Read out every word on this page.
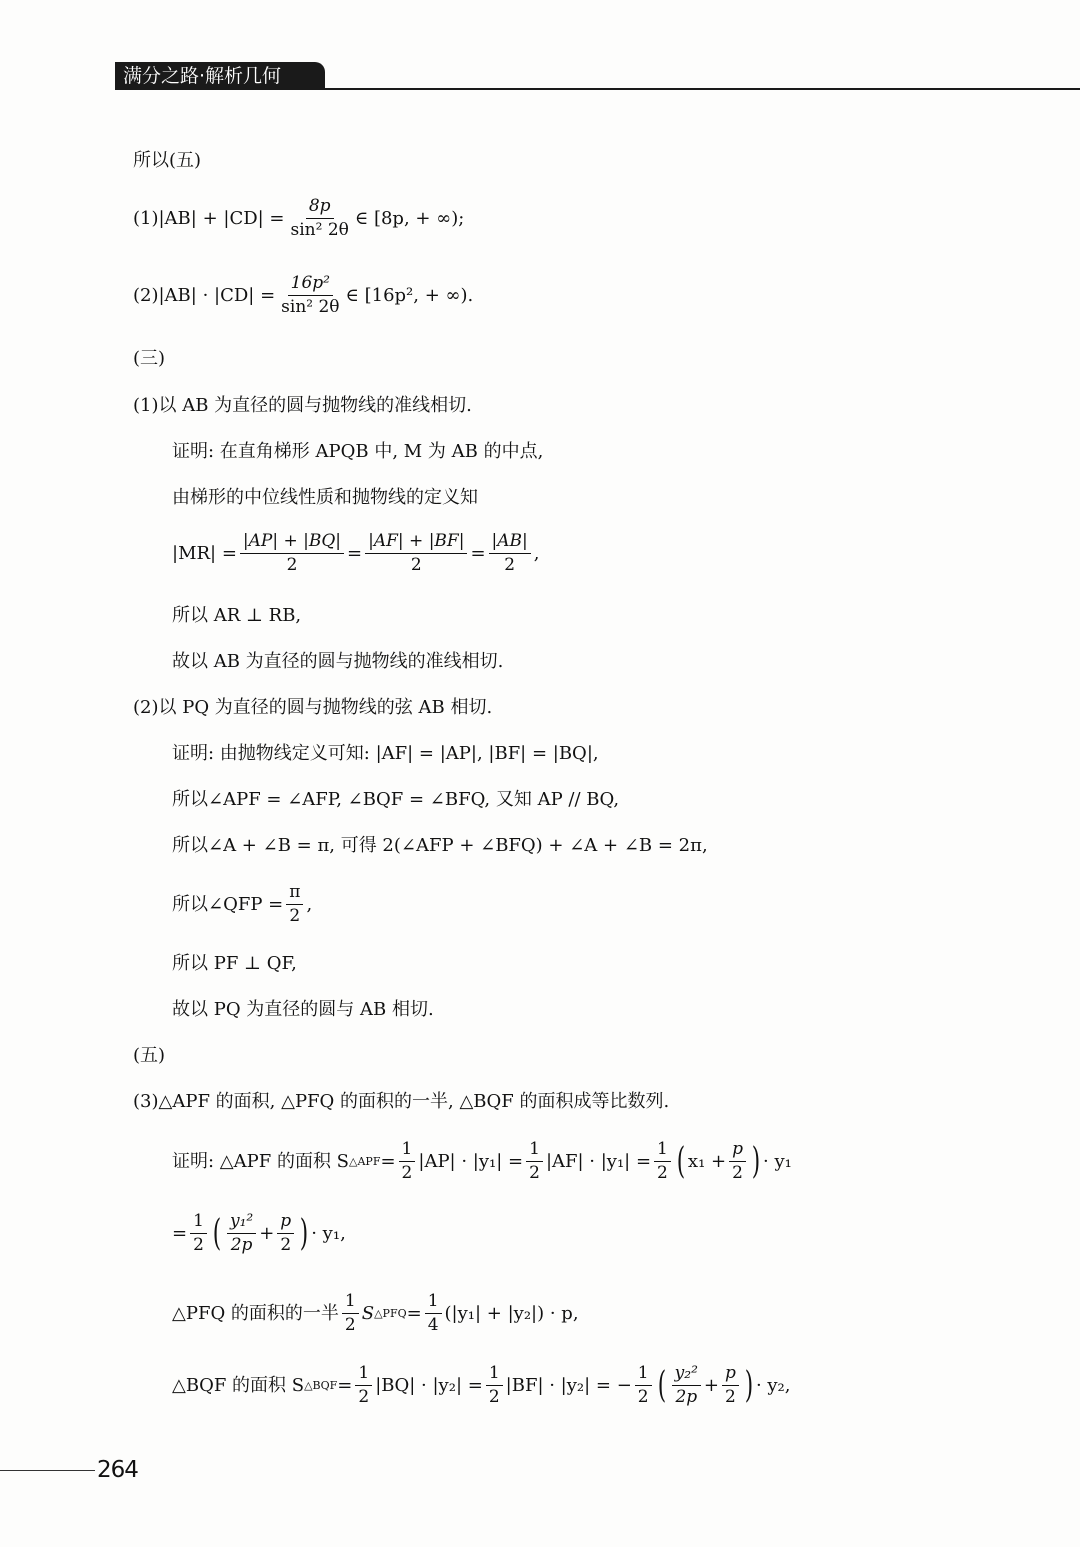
满分之路·解析几何
所以(五)
$(1)|AB| + |CD| = \frac{8p}{\text{sin² 2θ}}$ ∈ [8p, + ∞);
$(2)|AB| \cdot |CD| = \frac{\text{16p²}}{\text{sin² 2θ}}$ ∈ [16p², + ∞).
(三)
(1)以 AB 为直径的圆与抛物线的准线相切.
证明: 在直角梯形 APQB 中, M 为 AB 的中点,
由梯形的中位线性质和抛物线的定义知
$|MR| = \frac{|AP| + |BQ|}{2} = \frac{|AF| + |BF|}{2} = \frac{|AB|}{2}$ ,
所以 AR ⊥ RB,
故以 AB 为直径的圆与抛物线的准线相切.
(2)以 PQ 为直径的圆与抛物线的弦 AB 相切.
证明: 由抛物线定义可知: |AF| = |AP|, |BF| = |BQ|,
所以∠APF = ∠AFP, ∠BQF = ∠BFQ, 又知 AP // BQ,
所以∠A + ∠B = π, 可得 2(∠AFP + ∠BFQ) + ∠A + ∠B = 2π,
所以∠QFP = $\frac{\pi}{2}$ ,
所以 PF ⊥ QF,
故以 PQ 为直径的圆与 AB 相切.
(五)
(3)△APF 的面积, △PFQ 的面积的一半, △BQF 的面积成等比数列.
证明: △APF 的面积 S △APF = $\frac{1}{2} |AP| \cdot |y_1| = \frac{1}{2} |AF| \cdot |y_1| = \frac{1}{2}$ ( $x_1 + \frac{p}{2}$ ) · y₁
= $\frac{1}{2}$ ( $\frac{\text{y₁²}}{2p} + \frac{p}{2}$ ) · y₁,
△PFQ 的面积的一半 $\frac{1}{2}$ S △PFQ = $\frac{1}{4} (|y_1| + |y_2|) \cdot p$,
△BQF 的面积 S △BQF = $\frac{1}{2} |BQ| \cdot |y_2| = \frac{1}{2} |BF| \cdot |y_2|$ = − $\frac{1}{2}$ ( $\frac{\text{y₂²}}{2p} + \frac{p}{2}$ ) · y₂,
264
